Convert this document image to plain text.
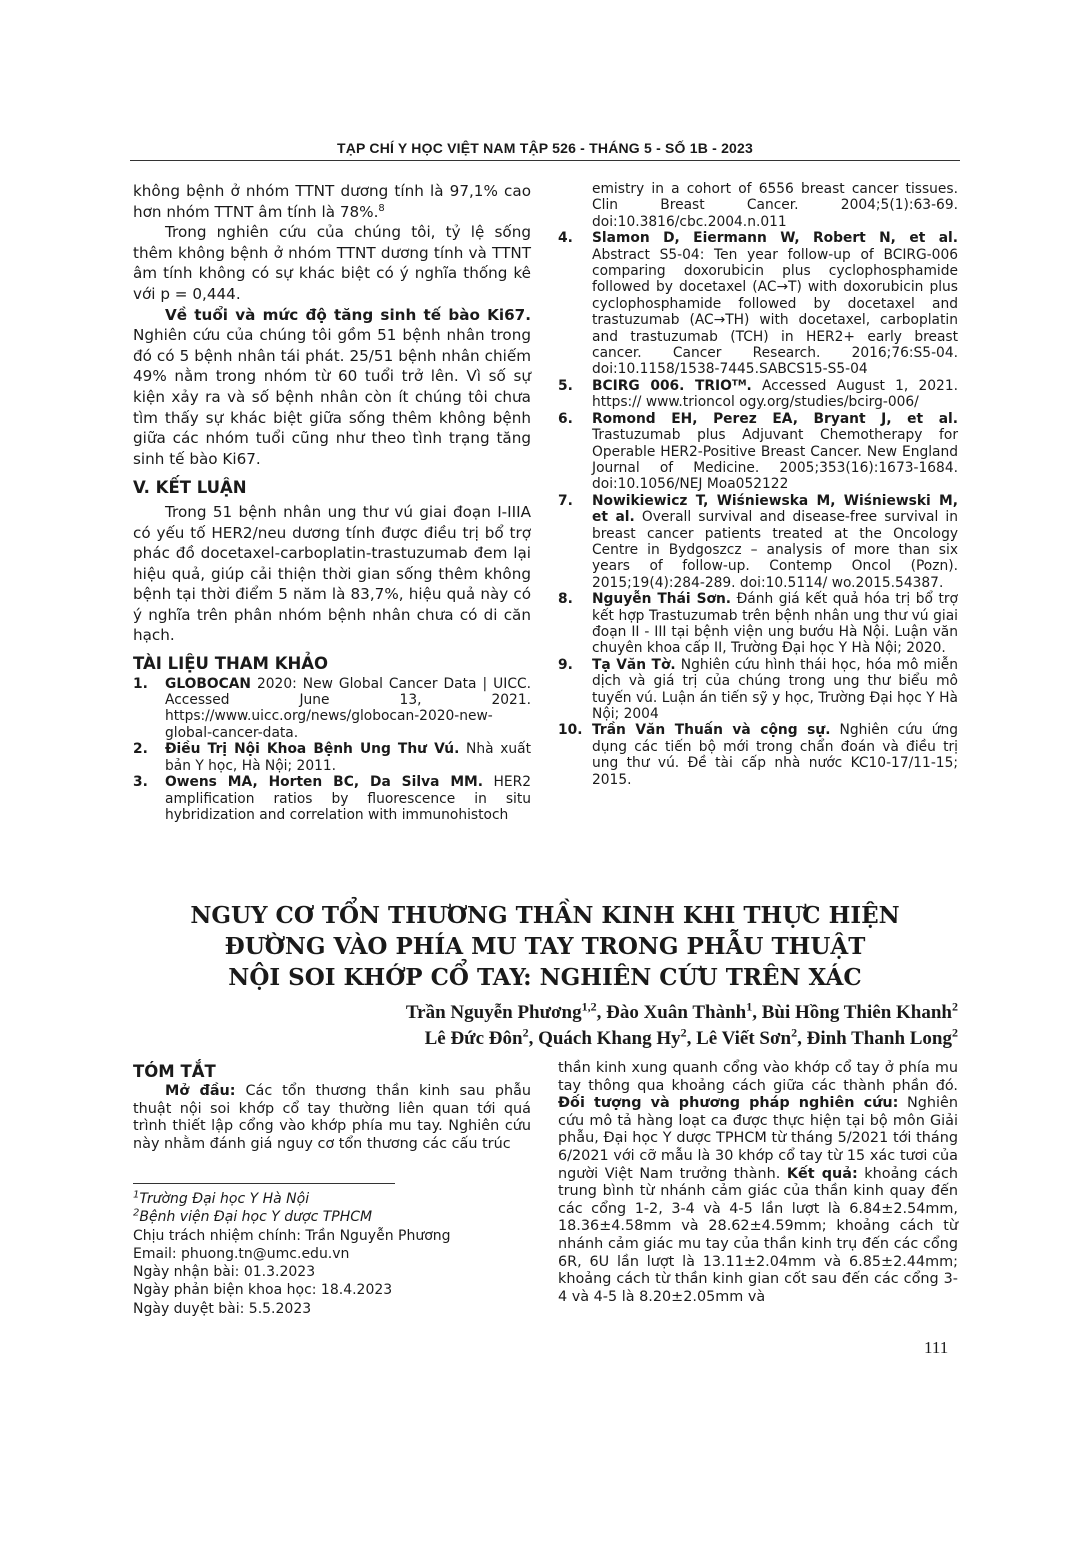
TẠP CHÍ Y HỌC VIỆT NAM TẬP 526 - THÁNG 5 - SỐ 1B - 2023

không bệnh ở nhóm TTNT dương tính là 97,1% cao hơn nhóm TTNT âm tính là 78%.$^8$

Trong nghiên cứu của chúng tôi, tỷ lệ sống thêm không bệnh ở nhóm TTNT dương tính và TTNT âm tính không có sự khác biệt có ý nghĩa thống kê với p = 0,444.

Về tuổi và mức độ tăng sinh tế bào Ki67. Nghiên cứu của chúng tôi gồm 51 bệnh nhân trong đó có 5 bệnh nhân tái phát. 25/51 bệnh nhân chiếm 49% nằm trong nhóm từ 60 tuổi trở lên. Vì số sự kiện xảy ra và số bệnh nhân còn ít chúng tôi chưa tìm thấy sự khác biệt giữa sống thêm không bệnh giữa các nhóm tuổi cũng như theo tình trạng tăng sinh tế bào Ki67.

V. KẾT LUẬN

Trong 51 bệnh nhân ung thư vú giai đoạn I-IIIA có yếu tố HER2/neu dương tính được điều trị bổ trợ phác đồ docetaxel-carboplatin-trastuzumab đem lại hiệu quả, giúp cải thiện thời gian sống thêm không bệnh tại thời điểm 5 năm là 83,7%, hiệu quả này có ý nghĩa trên phân nhóm bệnh nhân chưa có di căn hạch.

TÀI LIỆU THAM KHẢO
1.	GLOBOCAN 2020: New Global Cancer Data | UICC. Accessed June 13, 2021. https://www.uicc.org/news/globocan-2020-new-global-cancer-data.
2.	Điều Trị Nội Khoa Bệnh Ung Thư Vú. Nhà xuất bản Y học, Hà Nội; 2011.
3.	Owens MA, Horten BC, Da Silva MM. HER2 amplification ratios by fluorescence in situ hybridization and correlation with immunohistoch
emistry in a cohort of 6556 breast cancer tissues. Clin Breast Cancer. 2004;5(1):63-69. doi:10.3816/cbc.2004.n.011
4.	Slamon D, Eiermann W, Robert N, et al. Abstract S5-04: Ten year follow-up of BCIRG-006 comparing doxorubicin plus cyclophosphamide followed by docetaxel (AC→T) with doxorubicin plus cyclophosphamide followed by docetaxel and trastuzumab (AC→TH) with docetaxel, carboplatin and trastuzumab (TCH) in HER2+ early breast cancer. Cancer Research. 2016;76:S5-04. doi:10.1158/1538-7445.SABCS15-S5-04
5.	BCIRG 006. TRIOᵀᴹ. Accessed August 1, 2021. https:// www.trioncol ogy.org/studies/bcirg-006/
6.	Romond EH, Perez EA, Bryant J, et al. Trastuzumab plus Adjuvant Chemotherapy for Operable HER2-Positive Breast Cancer. New England Journal of Medicine. 2005;353(16):1673-1684. doi:10.1056/NEJ Moa052122
7.	Nowikiewicz T, Wiśniewska M, Wiśniewski M, et al. Overall survival and disease-free survival in breast cancer patients treated at the Oncology Centre in Bydgoszcz – analysis of more than six years of follow-up. Contemp Oncol (Pozn). 2015;19(4):284-289. doi:10.5114/ wo.2015.54387.
8.	Nguyễn Thái Sơn. Đánh giá kết quả hóa trị bổ trợ kết hợp Trastuzumab trên bệnh nhân ung thư vú giai đoạn II - III tại bệnh viện ung bướu Hà Nội. Luận văn chuyên khoa cấp II, Trường Đại học Y Hà Nội; 2020.
9.	Tạ Văn Tờ. Nghiên cứu hình thái học, hóa mô miễn dịch và giá trị của chúng trong ung thư biểu mô tuyến vú. Luận án tiến sỹ y học, Trường Đại học Y Hà Nội; 2004
10. Trần Văn Thuấn và cộng sự. Nghiên cứu ứng dụng các tiến bộ mới trong chẩn đoán và điều trị ung thư vú. Đề tài cấp nhà nước KC10-17/11-15; 2015.
NGUY CƠ TỔN THƯƠNG THẦN KINH KHI THỰC HIỆN
ĐƯỜNG VÀO PHÍA MU TAY TRONG PHẪU THUẬT
NỘI SOI KHỚP CỔ TAY: NGHIÊN CỨU TRÊN XÁC
Trần Nguyễn Phương$^{1,2}$, Đào Xuân Thành$^1$, Bùi Hồng Thiên Khanh$^2$
Lê Đức Đôn$^2$, Quách Khang Hy$^2$, Lê Viết Sơn$^2$, Đinh Thanh Long$^2$
TÓM TẮT

Mở đầu: Các tổn thương thần kinh sau phẫu thuật nội soi khớp cổ tay thường liên quan tới quá trình thiết lập cổng vào khớp phía mu tay. Nghiên cứu này nhằm đánh giá nguy cơ tổn thương các cấu trúc

$^1$Trường Đại học Y Hà Nội
$^2$Bệnh viện Đại học Y dược TPHCM
Chịu trách nhiệm chính: Trần Nguyễn Phương
Email: phuong.tn@umc.edu.vn
Ngày nhận bài: 01.3.2023
Ngày phản biện khoa học: 18.4.2023
Ngày duyệt bài: 5.5.2023

thần kinh xung quanh cổng vào khớp cổ tay ở phía mu tay thông qua khoảng cách giữa các thành phần đó. Đối tượng và phương pháp nghiên cứu: Nghiên cứu mô tả hàng loạt ca được thực hiện tại bộ môn Giải phẫu, Đại học Y dược TPHCM từ tháng 5/2021 tới tháng 6/2021 với cỡ mẫu là 30 khớp cổ tay từ 15 xác tươi của người Việt Nam trưởng thành. Kết quả: khoảng cách trung bình từ nhánh cảm giác của thần kinh quay đến các cổng 1-2, 3-4 và 4-5 lần lượt là 6.84±2.54mm, 18.36±4.58mm và 28.62±4.59mm; khoảng cách từ nhánh cảm giác mu tay của thần kinh trụ đến các cổng 6R, 6U lần lượt là 13.11±2.04mm và 6.85±2.44mm; khoảng cách từ thần kinh gian cốt sau đến các cổng 3-4 và 4-5 là 8.20±2.05mm và

111
